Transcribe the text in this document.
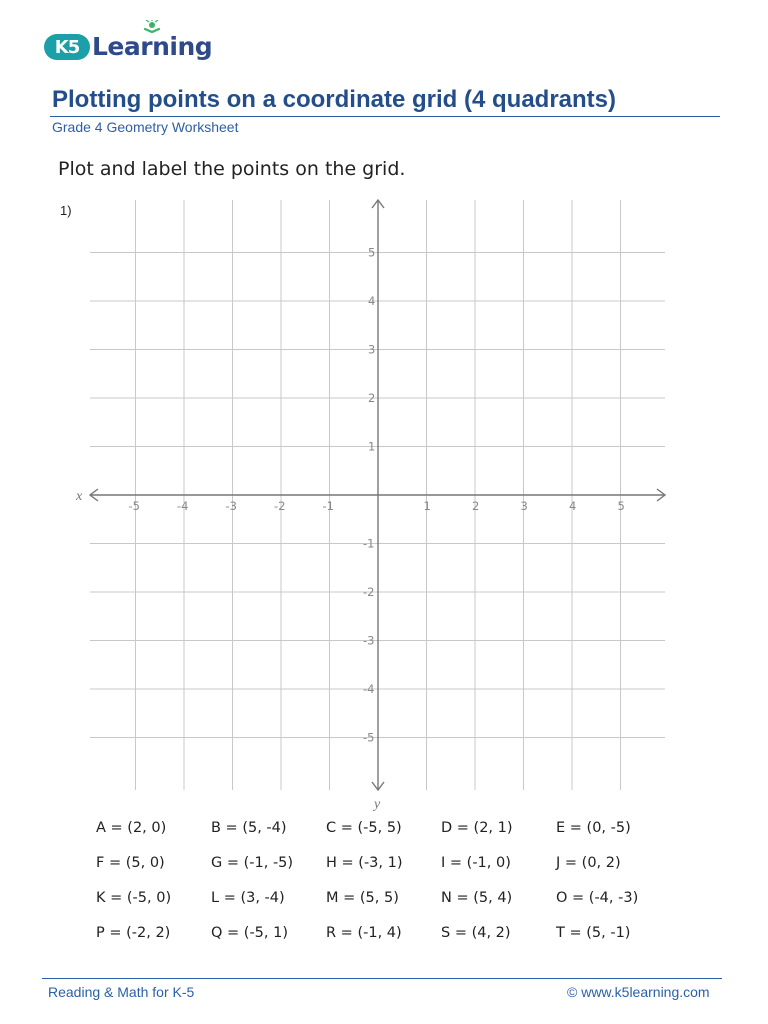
K5 Learning
Plotting points on a coordinate grid (4 quadrants)
Grade 4 Geometry Worksheet
Plot and label the points on the grid.
1)
x
y
-5	-4	-3	-2	-1	1	2	3	4	5
5
4
3
2
1
-1
-2
-3
-4
-5
A = (2, 0)	B = (5, -4)	C = (-5, 5)	D = (2, 1)	E = (0, -5)
F = (5, 0)	G = (-1, -5)	H = (-3, 1)	I = (-1, 0)	J = (0, 2)
K = (-5, 0)	L = (3, -4)	M = (5, 5)	N = (5, 4)	O = (-4, -3)
P = (-2, 2)	Q = (-5, 1)	R = (-1, 4)	S = (4, 2)	T = (5, -1)
Reading & Math for K-5	© www.k5learning.com
